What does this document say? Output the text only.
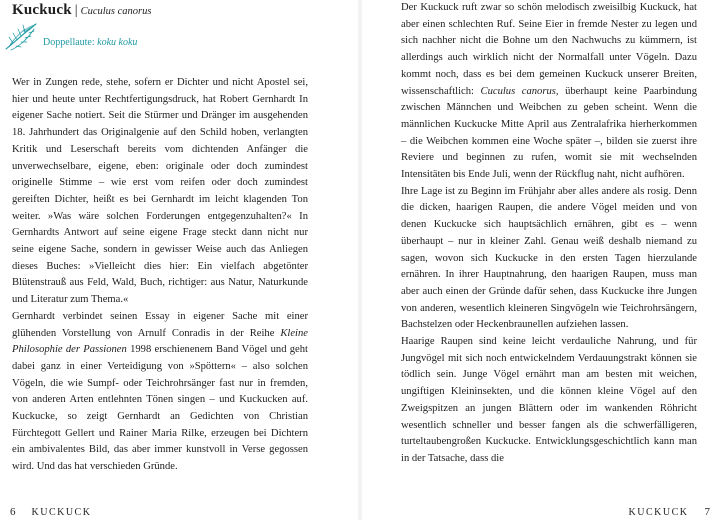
Kuckuck | Cuculus canorus
Doppellaute: koku koku

Wer in Zungen rede, stehe, sofern er Dichter und nicht Apostel sei, hier und heute unter Rechtfertigungsdruck, hat Robert Gernhardt In eigener Sache notiert. Seit die Stürmer und Dränger im ausgehenden 18. Jahrhundert das Originalgenie auf den Schild hoben, verlangten Kritik und Leserschaft bereits vom dichtenden Anfänger die unverwechselbare, eigene, eben: originale oder doch zumindest originelle Stimme – wie erst vom reifen oder doch zumindest gereiften Dichter, heißt es bei Gernhardt im leicht klagenden Ton weiter. »Was wäre solchen Forderungen entgegenzuhalten?« In Gernhardts Antwort auf seine eigene Frage steckt dann nicht nur seine eigene Sache, sondern in gewisser Weise auch das Anliegen dieses Buches: »Vielleicht dies hier: Ein vielfach abgetönter Blütenstrauß aus Feld, Wald, Buch, richtiger: aus Natur, Naturkunde und Literatur zum Thema.«

Gernhardt verbindet seinen Essay in eigener Sache mit einer glühenden Vorstellung von Arnulf Conradis in der Reihe Kleine Philosophie der Passionen 1998 erschienenem Band Vögel und geht dabei ganz in einer Verteidigung von »Spöttern« – also solchen Vögeln, die wie Sumpf- oder Teichrohrsänger fast nur in fremden, von anderen Arten entlehnten Tönen singen – und Kuckucken auf. Kuckucke, so zeigt Gernhardt an Gedichten von Christian Fürchtegott Gellert und Rainer Maria Rilke, erzeugen bei Dichtern ein ambivalentes Bild, das aber immer kunstvoll in Verse gegossen wird. Und das hat verschieden Gründe.

6 KUCKUCK

Der Kuckuck ruft zwar so schön melodisch zweisilbig Kuckuck, hat aber einen schlechten Ruf. Seine Eier in fremde Nester zu legen und sich nachher nicht die Bohne um den Nachwuchs zu kümmern, ist allerdings auch wirklich nicht der Normalfall unter Vögeln. Dazu kommt noch, dass es bei dem gemeinen Kuckuck unserer Breiten, wissenschaftlich: Cuculus canorus, überhaupt keine Paarbindung zwischen Männchen und Weibchen zu geben scheint. Wenn die männlichen Kuckucke Mitte April aus Zentralafrika hierherkommen – die Weibchen kommen eine Woche später –, bilden sie zuerst ihre Reviere und beginnen zu rufen, womit sie mit wechselnden Intensitäten bis Ende Juli, wenn der Rückflug naht, nicht aufhören.

Ihre Lage ist zu Beginn im Frühjahr aber alles andere als rosig. Denn die dicken, haarigen Raupen, die andere Vögel meiden und von denen Kuckucke sich hauptsächlich ernähren, gibt es – wenn überhaupt – nur in kleiner Zahl. Genau weiß deshalb niemand zu sagen, wovon sich Kuckucke in den ersten Tagen hierzulande ernähren. In ihrer Hauptnahrung, den haarigen Raupen, muss man aber auch einen der Gründe dafür sehen, dass Kuckucke ihre Jungen von anderen, wesentlich kleineren Singvögeln wie Teichrohrsängern, Bachstelzen oder Heckenbraunellen aufziehen lassen.

Haarige Raupen sind keine leicht verdauliche Nahrung, und für Jungvögel mit sich noch entwickelndem Verdauungstrakt können sie tödlich sein. Junge Vögel ernährt man am besten mit weichen, ungiftigen Kleininsekten, und die können kleine Vögel auf den Zweigspitzen an jungen Blättern oder im wankenden Röhricht wesentlich schneller und besser fangen als die schwerfälligeren, turteltaubengroßen Kuckucke. Entwicklungsgeschichtlich kann man in der Tatsache, dass die

KUCKUCK 7
